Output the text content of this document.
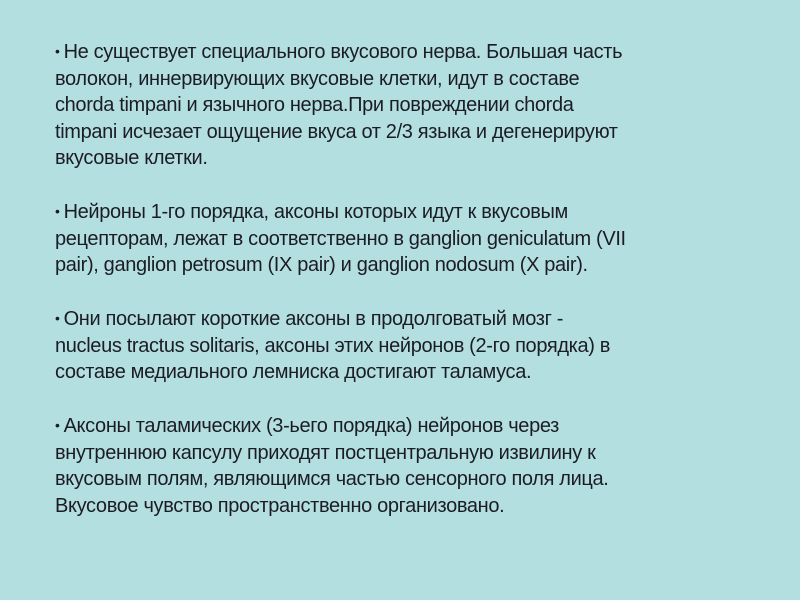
• Не существует специального вкусового нерва. Большая часть
волокон, иннервирующих вкусовые клетки, идут в составе
chorda timpani и язычного нерва.При повреждении chorda
timpani исчезает ощущение вкуса от 2/3 языка и дегенерируют
вкусовые клетки.

• Нейроны 1-го порядка, аксоны которых идут к вкусовым
рецепторам, лежат в соответственно в ganglion geniculatum (VII
pair), ganglion petrosum (IX pair) и ganglion nodosum (X pair).

• Они посылают короткие аксоны в продолговатый мозг -
nucleus tractus solitaris, аксоны этих нейронов (2-го порядка) в
составе медиального лемниска достигают таламуса.

• Аксоны таламических (3-ьего порядка) нейронов через
внутреннюю капсулу приходят постцентральную извилину к
вкусовым полям, являющимся частью сенсорного поля лица.
Вкусовое чувство пространственно организовано.
